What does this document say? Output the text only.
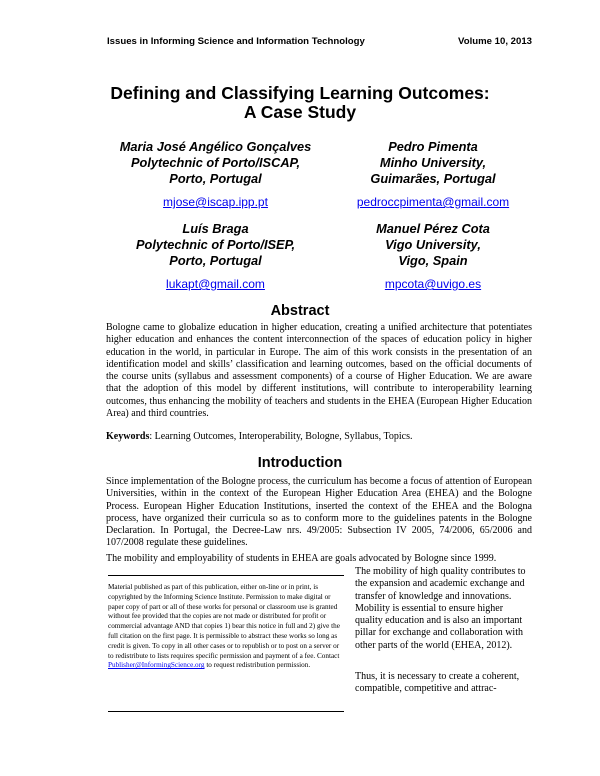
Issues in Informing Science and Information Technology	Volume 10, 2013
Defining and Classifying Learning Outcomes:
A Case Study
Maria José Angélico Gonçalves
Polytechnic of Porto/ISCAP,
Porto, Portugal
mjose@iscap.ipp.pt
Pedro Pimenta
Minho University,
Guimarães, Portugal
pedroccpimenta@gmail.com
Luís Braga
Polytechnic of Porto/ISEP,
Porto, Portugal
lukapt@gmail.com
Manuel Pérez Cota
Vigo University,
Vigo, Spain
mpcota@uvigo.es
Abstract
Bologne came to globalize education in higher education, creating a unified architecture that potentiates higher education and enhances the content interconnection of the spaces of education policy in higher education in the world, in particular in Europe. The aim of this work consists in the presentation of an identification model and skills’ classification and learning outcomes, based on the official documents of the course units (syllabus and assessment components) of a course of Higher Education. We are aware that the adoption of this model by different institutions, will contribute to interoperability learning outcomes, thus enhancing the mobility of teachers and students in the EHEA (European Higher Education Area) and third countries.
Keywords: Learning Outcomes, Interoperability, Bologne, Syllabus, Topics.
Introduction
Since implementation of the Bologne process, the curriculum has become a focus of attention of European Universities, within in the context of the European Higher Education Area (EHEA) and the Bologne Process. European Higher Education Institutions, inserted the context of the EHEA and the Bologna process, have organized their curricula so as to conform more to the guidelines patents in the Bologne Declaration. In Portugal, the Decree-Law nrs. 49/2005: Subsection IV 2005, 74/2006, 65/2006 and 107/2008 regulate these guidelines.
The mobility and employability of students in EHEA are goals advocated by Bologne since 1999.
Material published as part of this publication, either on-line or in print, is copyrighted by the Informing Science Institute. Permission to make digital or paper copy of part or all of these works for personal or classroom use is granted without fee provided that the copies are not made or distributed for profit or commercial advantage AND that copies 1) bear this notice in full and 2) give the full citation on the first page. It is permissible to abstract these works so long as credit is given. To copy in all other cases or to republish or to post on a server or to redistribute to lists requires specific permission and payment of a fee. Contact Publisher@InformingScience.org to request redistribution permission.
The mobility of high quality contributes to the expansion and academic exchange and transfer of knowledge and innovations. Mobility is essential to ensure higher quality education and is also an important pillar for exchange and collaboration with other parts of the world (EHEA, 2012).
Thus, it is necessary to create a coherent, compatible, competitive and attrac-
